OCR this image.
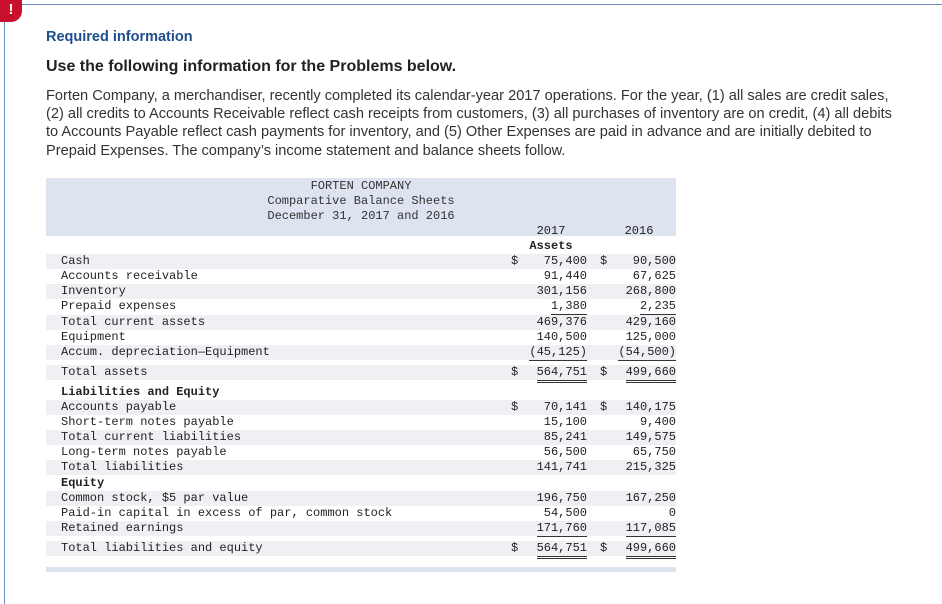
!
Required information
Use the following information for the Problems below.
Forten Company, a merchandiser, recently completed its calendar-year 2017 operations. For the year, (1) all sales are credit sales, (2) all credits to Accounts Receivable reflect cash receipts from customers, (3) all purchases of inventory are on credit, (4) all debits to Accounts Payable reflect cash payments for inventory, and (5) Other Expenses are paid in advance and are initially debited to Prepaid Expenses. The company’s income statement and balance sheets follow.
FORTEN COMPANY
Comparative Balance Sheets
December 31, 2017 and 2016
2017	2016
Assets
Cash	$ 75,400 $ 90,500
Accounts receivable	91,440	67,625
Inventory	301,156	268,800
Prepaid expenses	1,380	2,235
Total current assets	469,376	429,160
Equipment	140,500	125,000
Accum. depreciation—Equipment	(45,125)	(54,500)
Total assets	$ 564,751 $ 499,660
Liabilities and Equity
Accounts payable	$ 70,141 $ 140,175
Short-term notes payable	15,100	9,400
Total current liabilities	85,241	149,575
Long-term notes payable	56,500	65,750
Total liabilities	141,741	215,325
Equity
Common stock, $5 par value	196,750	167,250
Paid-in capital in excess of par, common stock	54,500	0
Retained earnings	171,760	117,085
Total liabilities and equity	$ 564,751 $ 499,660
